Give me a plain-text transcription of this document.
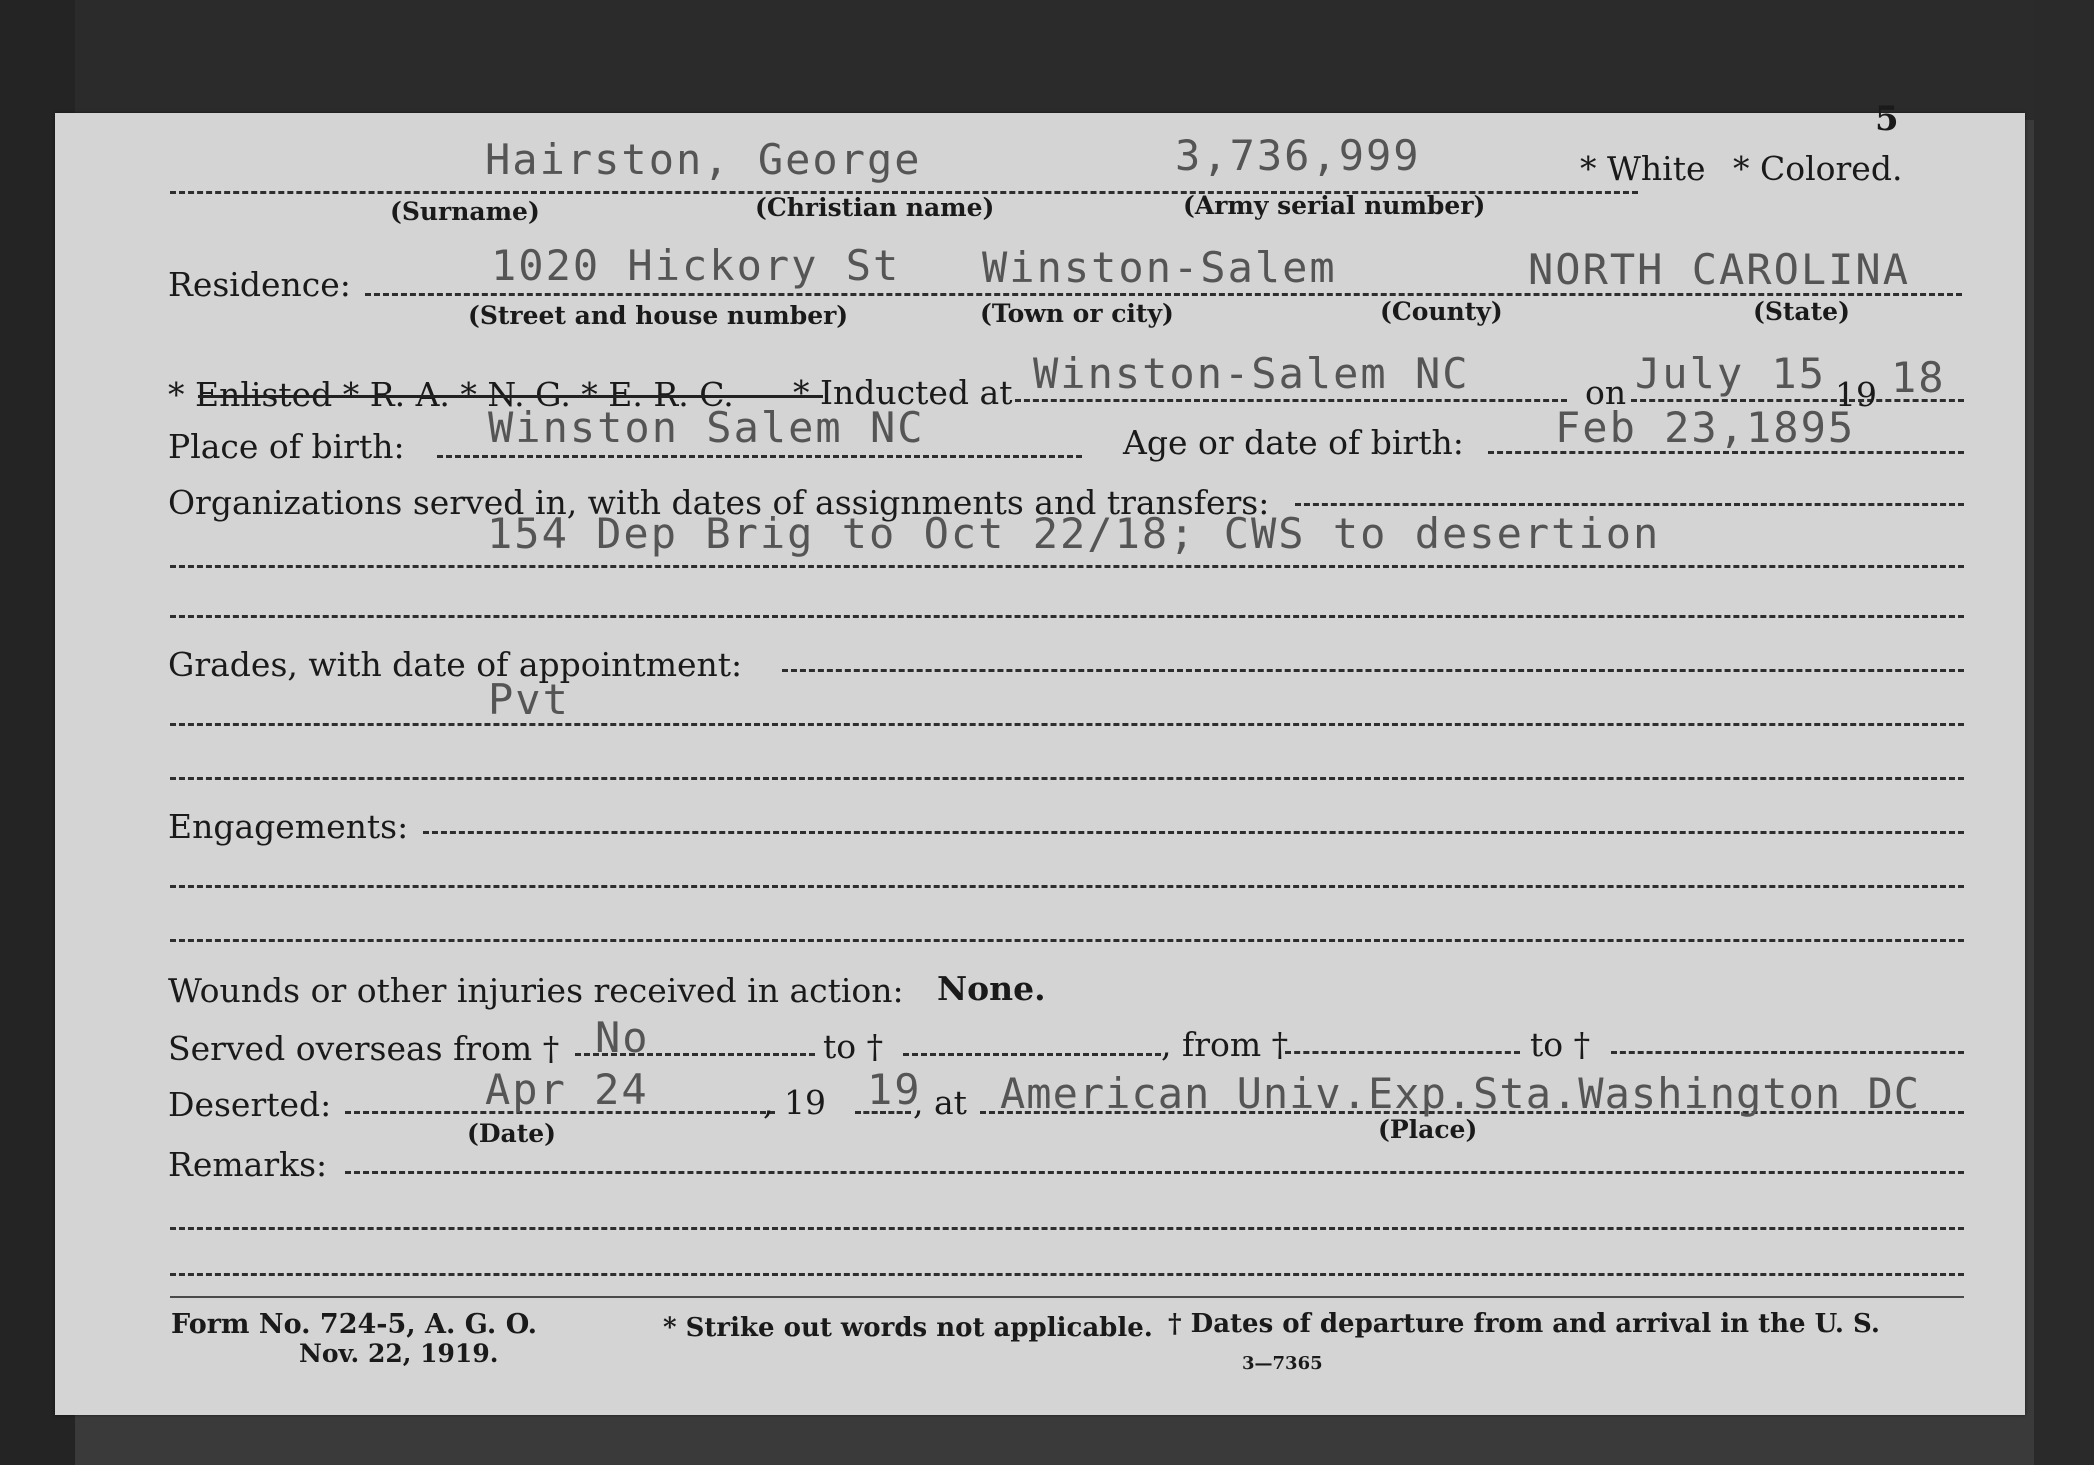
5
Hairston, George	3,736,999	* White * Colored.
(Surname)	(Christian name)	(Army serial number)
Residence:	1020 Hickory St Winston-Salem	NORTH CAROLINA
(Street and house number)	(Town or city)	(County)	(State)
* Enlisted * R. A. * N. G. * E. R. C. * Inducted at Winston-Salem NC	on July 15 19 18
Place of birth: Winston Salem NC	Age or date of birth: Feb 23,1895
Organizations served in, with dates of assignments and transfers:
154 Dep Brig to Oct 22/18; CWS to desertion
Grades, with date of appointment:
Pvt
Engagements:
Wounds or other injuries received in action: None.
Served overseas from † No	to †	, from †	to †
Deserted:	Apr 24	, 19 19
, at American Univ.Exp.Sta.Washington DC
(Date)	(Place)
Remarks:
Form No. 724-5, A. G. O.
Nov. 22, 1919.
* Strike out words not applicable. † Dates of departure from and arrival in the U. S.
3—7365
